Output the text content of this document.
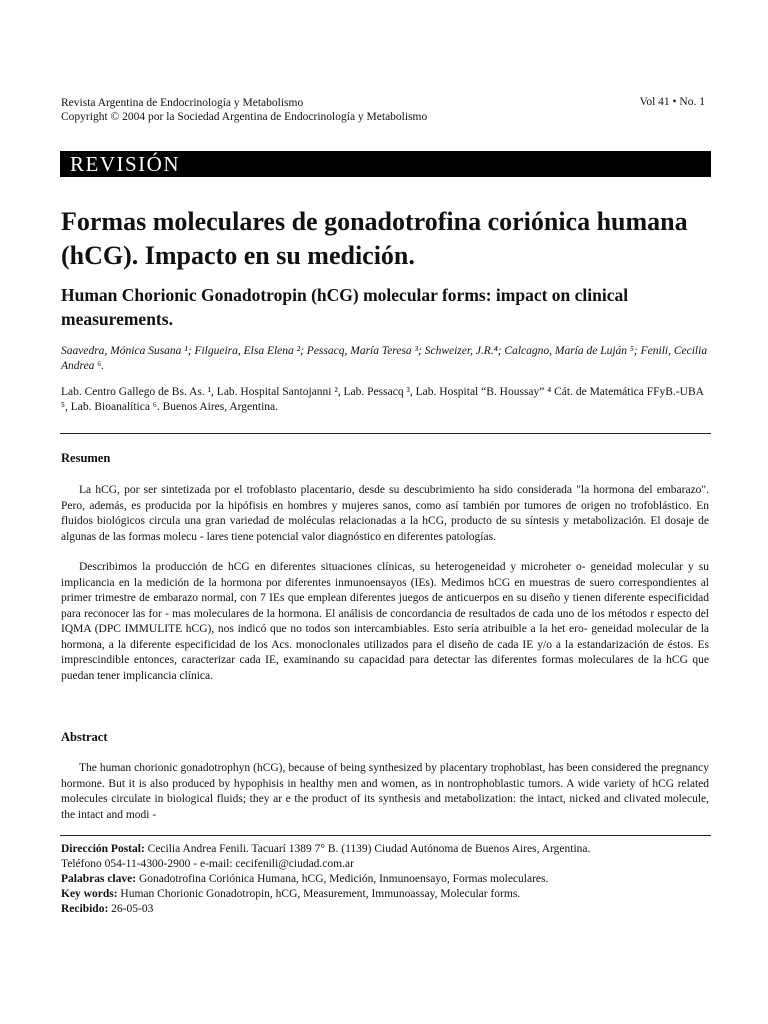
Revista Argentina de Endocrinología y Metabolismo
Copyright © 2004 por la Sociedad Argentina de Endocrinología y Metabolismo
Vol 41 • No. 1
REVISIÓN
Formas moleculares de gonadotrofina coriónica humana (hCG). Impacto en su medición.
Human Chorionic Gonadotropin (hCG) molecular forms: impact on clinical measurements.
Saavedra, Mónica Susana ¹; Filgueira, Elsa Elena ²; Pessacq, María Teresa ³; Schweizer, J.R.⁴; Calcagno, María de Luján ⁵; Fenili, Cecilia Andrea ⁶.
Lab. Centro Gallego de Bs. As. ¹, Lab. Hospital Santojanni ², Lab. Pessacq ³, Lab. Hospital “B. Houssay” ⁴ Cát. de Matemática FFyB.-UBA ⁵, Lab. Bioanalítica ⁶. Buenos Aires, Argentina.
Resumen

La hCG, por ser sintetizada por el trofoblasto placentario, desde su descubrimiento ha sido considerada "la hormona del embarazo". Pero, además, es producida por la hipófisis en hombres y mujeres sanos, como así también por tumores de origen no trofoblástico. En fluidos biológicos circula una gran variedad de moléculas relacionadas a la hCG, producto de su síntesis y metabolización. El dosaje de algunas de las formas molecu - lares tiene potencial valor diagnóstico en diferentes patologías.

Describimos la producción de hCG en diferentes situaciones clínicas, su heterogeneidad y microheter o- geneidad molecular y su implicancia en la medición de la hormona por diferentes inmunoensayos (IEs). Medimos hCG en muestras de suero correspondientes al primer trimestre de embarazo normal, con 7 IEs que emplean diferentes juegos de anticuerpos en su diseño y tienen diferente especificidad para reconocer las for - mas moleculares de la hormona. El análisis de concordancia de resultados de cada uno de los métodos r especto del IQMA (DPC IMMULITE hCG), nos indicó que no todos son intercambiables. Esto sería atribuible a la het ero- geneidad molecular de la hormona, a la diferente especificidad de los Acs. monoclonales utilizados para el diseño de cada IE y/o a la estandarización de éstos. Es imprescindible entonces, caracterizar cada IE, examinando su capacidad para detectar las diferentes formas moleculares de la hCG que puedan tener implicancia clínica.

Abstract

The human chorionic gonadotrophyn (hCG), because of being synthesized by placentary trophoblast, has been considered the pregnancy hormone. But it is also produced by hypophisis in healthy men and women, as in nontrophoblastic tumors. A wide variety of hCG related molecules circulate in biological fluids; they ar e the product of its synthesis and metabolization: the intact, nicked and clivated molecule, the intact and modi -

Dirección Postal: Cecilia Andrea Fenili. Tacuarí 1389 7° B. (1139) Ciudad Autónoma de Buenos Aires, Argentina.
Teléfono 054-11-4300-2900 - e-mail: cecifenili@ciudad.com.ar
Palabras clave: Gonadotrofina Coriónica Humana, hCG, Medición, Inmunoensayo, Formas moleculares.
Key words: Human Chorionic Gonadotropin, hCG, Measurement, Immunoassay, Molecular forms.
Recibido: 26-05-03
